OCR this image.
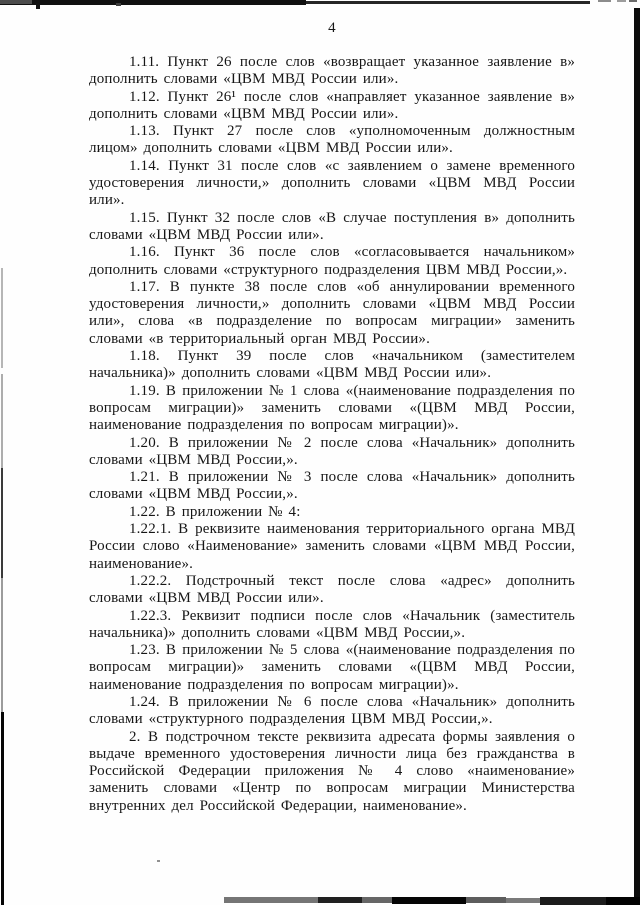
4

1.11. Пункт 26 после слов «возвращает указанное заявление в» дополнить словами «ЦВМ МВД России или».

1.12. Пункт 26¹ после слов «направляет указанное заявление в» дополнить словами «ЦВМ МВД России или».

1.13. Пункт 27 после слов «уполномоченным должностным лицом» дополнить словами «ЦВМ МВД России или».

1.14. Пункт 31 после слов «с заявлением о замене временного удостоверения личности,» дополнить словами «ЦВМ МВД России или».

1.15. Пункт 32 после слов «В случае поступления в» дополнить словами «ЦВМ МВД России или».

1.16. Пункт 36 после слов «согласовывается начальником» дополнить словами «структурного подразделения ЦВМ МВД России,».

1.17. В пункте 38 после слов «об аннулировании временного удостоверения личности,» дополнить словами «ЦВМ МВД России или», слова «в подразделение по вопросам миграции» заменить словами «в территориальный орган МВД России».

1.18. Пункт 39 после слов «начальником (заместителем начальника)» дополнить словами «ЦВМ МВД России или».

1.19. В приложении № 1 слова «(наименование подразделения по вопросам миграции)» заменить словами «(ЦВМ МВД России, наименование подразделения по вопросам миграции)».

1.20. В приложении № 2 после слова «Начальник» дополнить словами «ЦВМ МВД России,».

1.21. В приложении № 3 после слова «Начальник» дополнить словами «ЦВМ МВД России,».

1.22. В приложении № 4:

1.22.1. В реквизите наименования территориального органа МВД России слово «Наименование» заменить словами «ЦВМ МВД России, наименование».

1.22.2. Подстрочный текст после слова «адрес» дополнить словами «ЦВМ МВД России или».

1.22.3. Реквизит подписи после слов «Начальник (заместитель начальника)» дополнить словами «ЦВМ МВД России,».

1.23. В приложении № 5 слова «(наименование подразделения по вопросам миграции)» заменить словами «(ЦВМ МВД России, наименование подразделения по вопросам миграции)».

1.24. В приложении № 6 после слова «Начальник» дополнить словами «структурного подразделения ЦВМ МВД России,».

2. В подстрочном тексте реквизита адресата формы заявления о выдаче временного удостоверения личности лица без гражданства в Российской Федерации приложения № 4 слово «наименование» заменить словами «Центр по вопросам миграции Министерства внутренних дел Российской Федерации, наименование».
